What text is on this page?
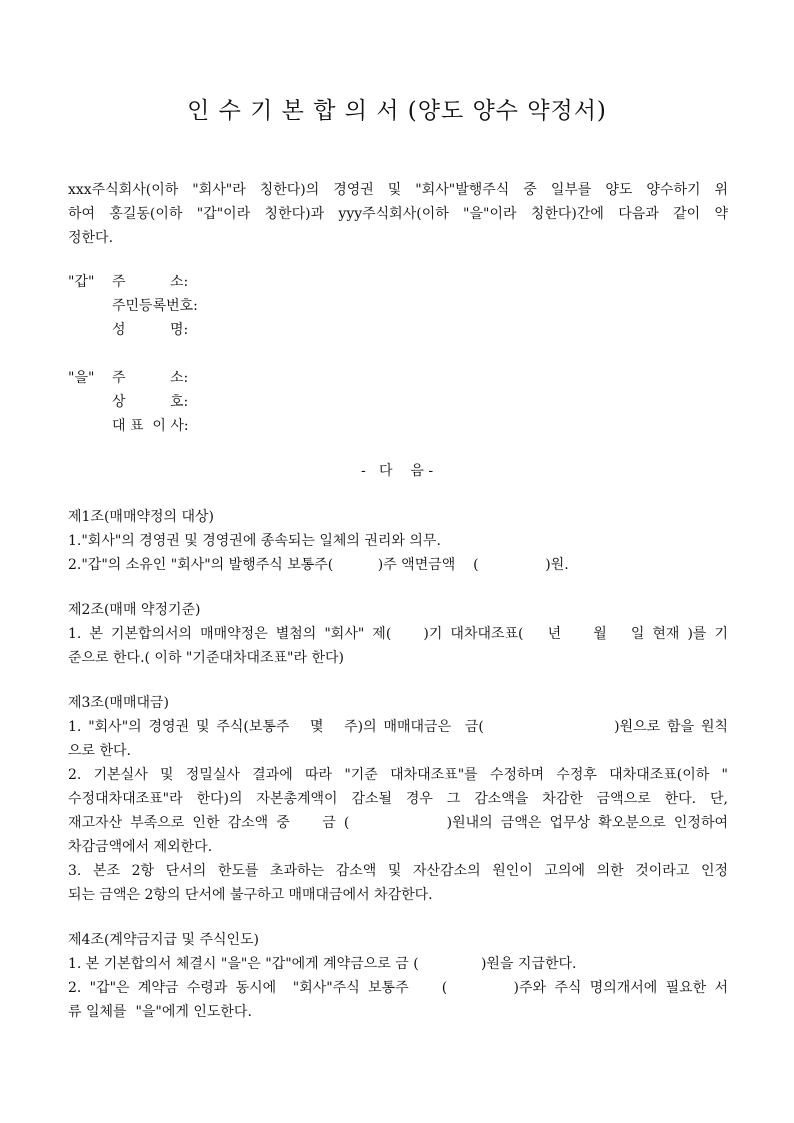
인 수 기 본 합 의 서 (양도 양수 약정서)
xxx주식회사(이하 "회사"라 칭한다)의 경영권 및 "회사"발행주식 중 일부를 양도 양수하기 위
하여 홍길동(이하 "갑"이라 칭한다)과 yyy주식회사(이하 "을"이라 칭한다)간에 다음과 같이 약
정한다.
"갑" 주          소:
주민등록번호:
성          명:
"을" 주          소:
상          호:
대 표  이 사:
-   다    음 -
제1조(매매약정의 대상)
1."회사"의 경영권 및 경영권에 종속되는 일체의 권리와 의무.
2."갑"의 소유인 "회사"의 발행주식 보통주(          )주 액면금액    (               )원.
제2조(매매 약정기준)
1. 본 기본합의서의 매매약정은 별첨의 "회사" 제(    )기 대차대조표(   년    월   일 현재 )를 기
준으로 한다.( 이하 "기준대차대조표"라 한다)
제3조(매매대금)
1. "회사"의 경영권 및 주식(보통주   몇   주)의 매매대금은  금(                   )원으로 함을 원칙
으로 한다.
2. 기본실사 및 정밀실사 결과에 따라 "기준 대차대조표"를 수정하며 수정후 대차대조표(이하 "
수정대차대조표"라 한다)의 자본총계액이 감소될 경우 그 감소액을 차감한 금액으로 한다. 단,
재고자산 부족으로 인한 감소액 중    금 (            )원내의 금액은 업무상 확오분으로 인정하여
차감금액에서 제외한다.
3. 본조 2항 단서의 한도를 초과하는 감소액 및 자산감소의 원인이 고의에 의한 것이라고 인정
되는 금액은 2항의 단서에 불구하고 매매대금에서 차감한다.
제4조(계약금지급 및 주식인도)
1. 본 기본합의서 체결시 "을"은 "갑"에게 계약금으로 금 (              )원을 지급한다.
2. "갑"은 계약금 수령과 동시에  "회사"주식 보통주    (        )주와 주식 명의개서에 필요한 서
류 일체를  "을"에게 인도한다.
